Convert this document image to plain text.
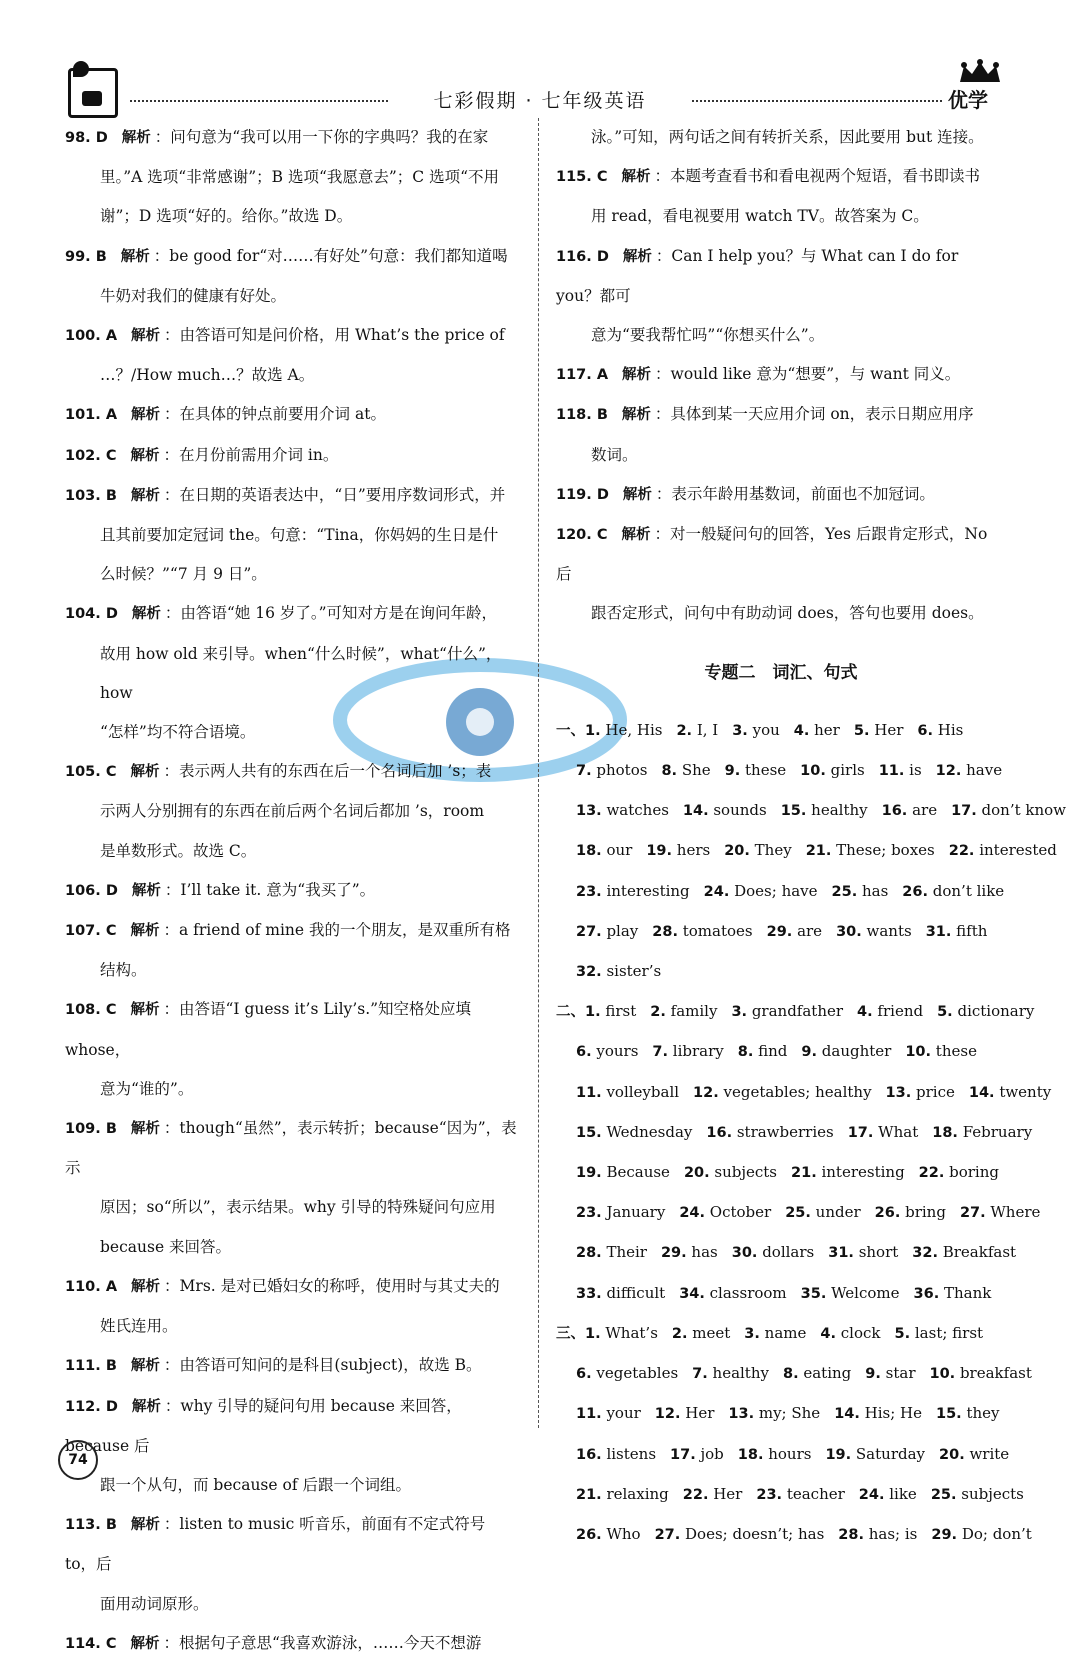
七彩假期 · 七年级英语	优学
98. D 解析 ：问句意为“我可以用一下你的字典吗？我的在家
里。”A 选项“非常感谢”；B 选项“我愿意去”；C 选项“不用
谢”；D 选项“好的。给你。”故选 D。
99. B 解析 ：be good for“对……有好处”句意：我们都知道喝
牛奶对我们的健康有好处。
100. A 解析 ：由答语可知是问价格，用 What’s the price of
…？/How much…？故选 A。
101. A 解析 ：在具体的钟点前要用介词 at。
102. C 解析 ：在月份前需用介词 in。
103. B 解析 ：在日期的英语表达中，“日”要用序数词形式，并
且其前要加定冠词 the。句意：“Tina，你妈妈的生日是什
么时候？”“7 月 9 日”。
104. D 解析 ：由答语“她 16 岁了。”可知对方是在询问年龄，
故用 how old 来引导。when“什么时候”，what“什么”，how
“怎样”均不符合语境。
105. C 解析 ：表示两人共有的东西在后一个名词后加 ’s；表
示两人分别拥有的东西在前后两个名词后都加 ’s，room
是单数形式。故选 C。
106. D 解析 ：I’ll take it. 意为“我买了”。
107. C 解析 ：a friend of mine 我的一个朋友，是双重所有格
结构。
108. C 解析 ：由答语“I guess it’s Lily’s.”知空格处应填 whose，
意为“谁的”。
109. B 解析 ：though“虽然”，表示转折；because“因为”，表示
原因；so“所以”，表示结果。why 引导的特殊疑问句应用
because 来回答。
110. A 解析 ：Mrs. 是对已婚妇女的称呼，使用时与其丈夫的
姓氏连用。
111. B 解析 ：由答语可知问的是科目(subject)，故选 B。
112. D 解析 ：why 引导的疑问句用 because 来回答，because 后
跟一个从句，而 because of 后跟一个词组。
113. B 解析 ：listen to music 听音乐，前面有不定式符号 to，后
面用动词原形。
114. C 解析 ：根据句子意思“我喜欢游泳，……今天不想游
泳。”可知，两句话之间有转折关系，因此要用 but 连接。
115. C 解析 ：本题考查看书和看电视两个短语，看书即读书
用 read，看电视要用 watch TV。故答案为 C。
116. D 解析 ：Can I help you？与 What can I do for you？都可
意为“要我帮忙吗”“你想买什么”。
117. A 解析 ：would like 意为“想要”，与 want 同义。
118. B 解析 ：具体到某一天应用介词 on，表示日期应用序
数词。
119. D 解析 ：表示年龄用基数词，前面也不加冠词。
120. C 解析 ：对一般疑问句的回答，Yes 后跟肯定形式，No 后
跟否定形式，问句中有助动词 does，答句也要用 does。
专题二　词汇、句式
一、1. He, His 2. I, I 3. you 4. her 5. Her 6. His
7. photos 8. She 9. these 10. girls 11. is 12. have
13. watches 14. sounds 15. healthy 16. are 17. don’t know
18. our 19. hers 20. They 21. These; boxes 22. interested
23. interesting 24. Does; have 25. has 26. don’t like
27. play 28. tomatoes 29. are 30. wants 31. fifth
32. sister’s
二、1. first 2. family 3. grandfather 4. friend 5. dictionary
6. yours 7. library 8. find 9. daughter 10. these
11. volleyball 12. vegetables; healthy 13. price 14. twenty
15. Wednesday 16. strawberries 17. What 18. February
19. Because 20. subjects 21. interesting 22. boring
23. January 24. October 25. under 26. bring 27. Where
28. Their 29. has 30. dollars 31. short 32. Breakfast
33. difficult 34. classroom 35. Welcome 36. Thank
三、1. What’s 2. meet 3. name 4. clock 5. last; first
6. vegetables 7. healthy 8. eating 9. star 10. breakfast
11. your 12. Her 13. my; She 14. His; He 15. they
16. listens 17. job 18. hours 19. Saturday 20. write
21. relaxing 22. Her 23. teacher 24. like 25. subjects
26. Who 27. Does; doesn’t; has 28. has; is 29. Do; don’t
74
